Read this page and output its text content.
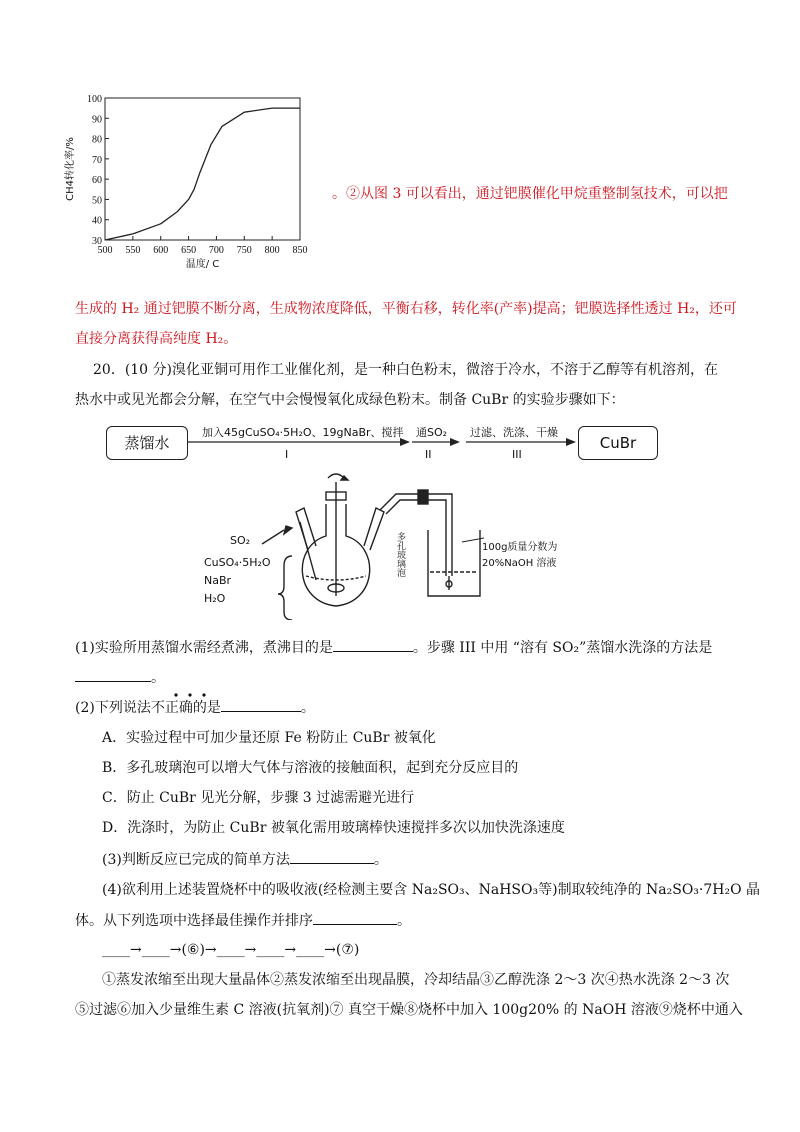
500 550 600 650 700 750 800 850
30
40
50
60
70
80
90
100
温度/ C
CH4转化率/%	。②从图 3 可以看出，通过钯膜催化甲烷重整制氢技术，可以把
生成的 H₂ 通过钯膜不断分离，生成物浓度降低，平衡右移，转化率(产率)提高；钯膜选择性透过 H₂，还可
直接分离获得高纯度 H₂。
20．(10 分)溴化亚铜可用作工业催化剂，是一种白色粉末，微溶于冷水，不溶于乙醇等有机溶剂，在
热水中或见光都会分解，在空气中会慢慢氧化成绿色粉末。制备 CuBr 的实验步骤如下：
蒸馏水
加入45gCuSO₄·5H₂O、19gNaBr、搅拌
I
通SO₂
II
过滤、洗涤、干燥
III
CuBr
SO₂
CuSO₄·5H₂O
NaBr
H₂O
多孔玻璃泡	100g质量分数为
20%NaOH 溶液
(1)实验所用蒸馏水需经煮沸，煮沸目的是	。步骤 III 中用 “溶有 SO₂”蒸馏水洗涤的方法是
。
(2)下列说法不正确的是	。
A．实验过程中可加少量还原 Fe 粉防止 CuBr 被氧化
B．多孔玻璃泡可以增大气体与溶液的接触面积，起到充分反应目的
C．防止 CuBr 见光分解，步骤 3 过滤需避光进行
D．洗涤时，为防止 CuBr 被氧化需用玻璃棒快速搅拌多次以加快洗涤速度
(3)判断反应已完成的简单方法	。
(4)欲利用上述装置烧杯中的吸收液(经检测主要含 Na₂SO₃、NaHSO₃等)制取较纯净的 Na₂SO₃·7H₂O 晶
体。从下列选项中选择最佳操作并排序	。
____→____→(⑥)→____→____→____→(⑦)
①蒸发浓缩至出现大量晶体②蒸发浓缩至出现晶膜，冷却结晶③乙醇洗涤 2～3 次④热水洗涤 2～3 次
⑤过滤⑥加入少量维生素 C 溶液(抗氧剂)⑦ 真空干燥⑧烧杯中加入 100g20% 的 NaOH 溶液⑨烧杯中通入
